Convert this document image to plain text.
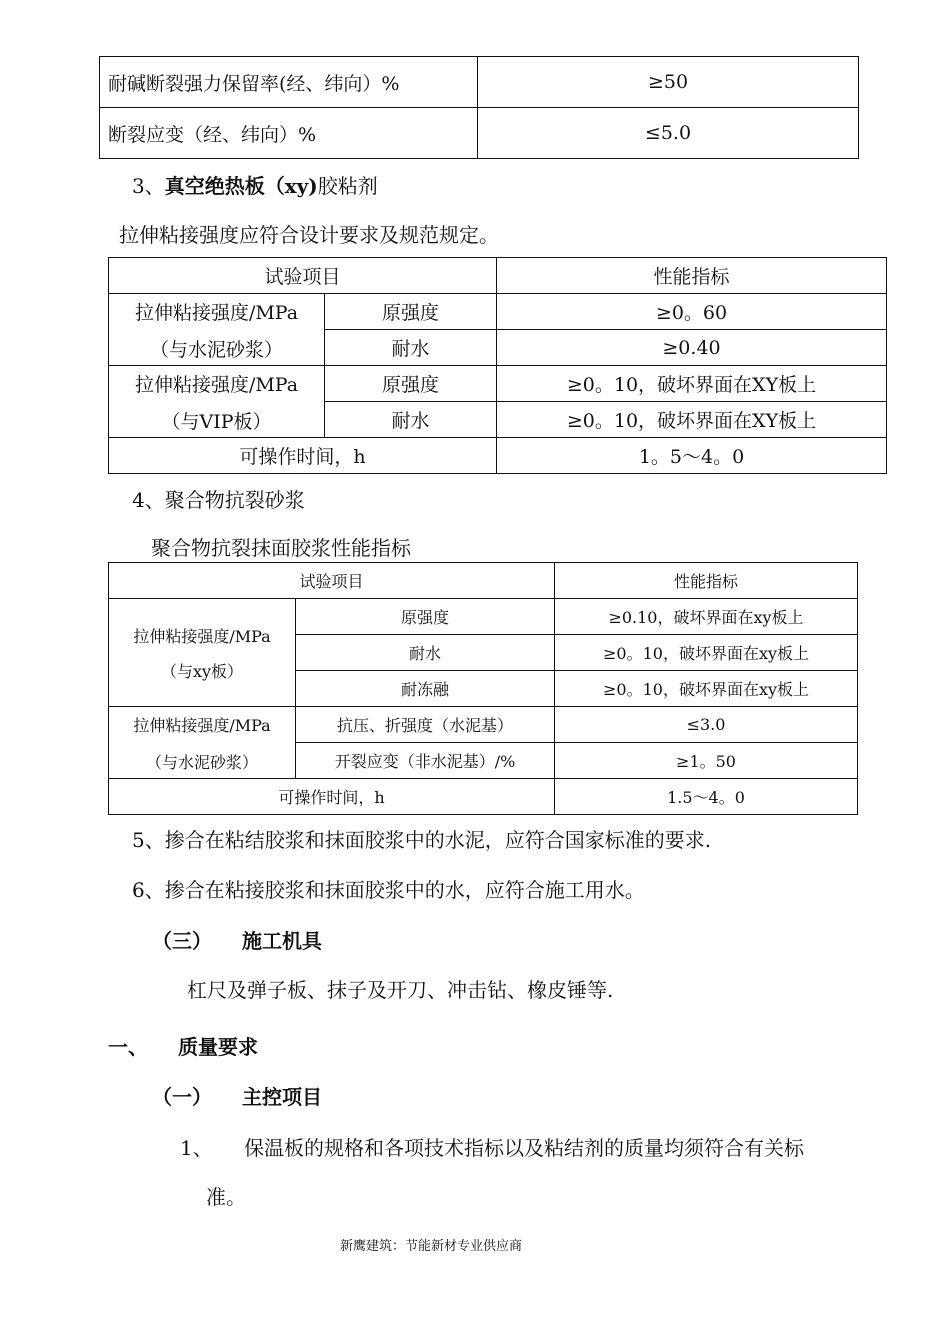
耐碱断裂强力保留率(经、纬向）%	≥50
断裂应变（经、纬向）%	≤5.0
3、真空绝热板（xy)胶粘剂
拉伸粘接强度应符合设计要求及规范规定。
试验项目		性能指标

拉伸粘接强度/MPa
（与水泥砂浆）	原强度	≥0。60
	耐水	≥0.40

拉伸粘接强度/MPa
（与VIP板）	原强度	≥0。10，破坏界面在XY板上
	耐水	≥0。10，破坏界面在XY板上
可操作时间，h		1。5～4。0
4、聚合物抗裂砂浆
聚合物抗裂抹面胶浆性能指标
试验项目		性能指标

拉伸粘接强度/MPa
（与xy板）	原强度	≥0.10，破坏界面在xy板上
	耐水	≥0。10，破坏界面在xy板上
	耐冻融	≥0。10，破坏界面在xy板上

拉伸粘接强度/MPa
（与水泥砂浆）	抗压、折强度（水泥基）	≤3.0
	开裂应变（非水泥基）/%	≥1。50
可操作时间，h		1.5～4。0
5、掺合在粘结胶浆和抹面胶浆中的水泥，应符合国家标准的要求.
6、掺合在粘接胶浆和抹面胶浆中的水，应符合施工用水。
（三） 施工机具
杠尺及弹子板、抹子及开刀、冲击钻、橡皮锤等.
一、 质量要求
（一） 主控项目
1、 保温板的规格和各项技术指标以及粘结剂的质量均须符合有关标
准。
新鹰建筑：节能新材专业供应商
